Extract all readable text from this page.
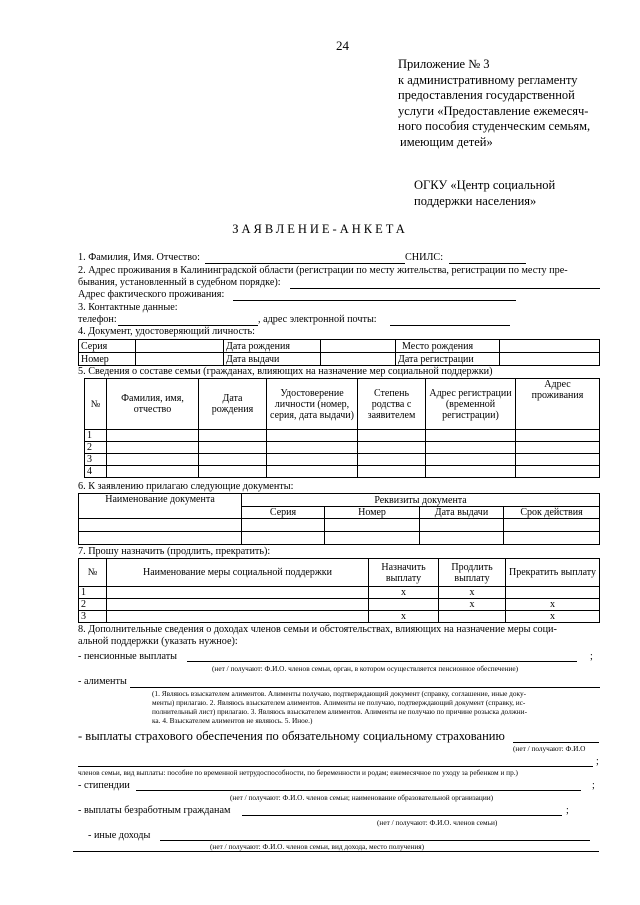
24
Приложение № 3
к административному регламенту
предоставления государственной
услуги «Предоставление ежемесяч-
ного пособия студенческим семьям,
имеющим детей»
ОГКУ «Центр социальной
поддержки населения»
ЗАЯВЛЕНИЕ-АНКЕТА
1. Фамилия, Имя. Отчество:	СНИЛС:
2. Адрес проживания в Калининградской области (регистрации по месту жительства, регистрации по месту пре-
бывания, установленный в судебном порядке):
Адрес фактического проживания:
3. Контактные данные:
телефон:	, адрес электронной почты:
4. Документ, удостоверяющий личность:
Серия		Дата рождения		Место рождения	
Номер		Дата выдачи		Дата регистрации	
5. Сведения о составе семьи (гражданах, влияющих на назначение мер социальной поддержки)
№	Фамилия, имя, отчество	Дата рождения	Удостоверение личности (номер, серия, дата выдачи)	Степень родства с заявителем	Адрес регистрации (временной регистрации)	Адрес проживания
1						
2						
3						
4						
6. К заявлению прилагаю следующие документы:
Наименование документа	Реквизиты документа			
	Серия	Номер	Дата выдачи	Срок действия

7. Прошу назначить (продлить, прекратить):
№	Наименование меры социальной поддержки	Назначить выплату	Продлить выплату	Прекратить выплату
1		x	x	
2			x	x
3		x		x
8. Дополнительные сведения о доходах членов семьи и обстоятельствах, влияющих на назначение меры соци-
альной поддержки (указать нужное):
- пенсионные выплаты	;
(нет / получают: Ф.И.О. членов семьи, орган, в котором осуществляется пенсионное обеспечение)
- алименты
(1. Являюсь взыскателем алиментов. Алименты получаю, подтверждающий документ (справку, соглашение, иные доку-
менты) прилагаю. 2. Являюсь взыскателем алиментов. Алименты не получаю, подтверждающий документ (справку, ис-
полнительный лист) прилагаю. 3. Являюсь взыскателем алиментов. Алименты не получаю по причине розыска должни-
ка. 4. Взыскателем алиментов не являюсь. 5. Иное.)
- выплаты страхового обеспечения по обязательному социальному страхованию
(нет / получают: Ф.И.О
;
членов семьи, вид выплаты: пособие по временной нетрудоспособности, по беременности и родам; ежемесячное по уходу за ребенком и пр.)
- стипендии	;
(нет / получают: Ф.И.О. членов семьи; наименование образовательной организации)
- выплаты безработным гражданам	;
(нет / получают: Ф.И.О. членов семьи)
- иные доходы
(нет / получают: Ф.И.О. членов семьи, вид дохода, место получения)
